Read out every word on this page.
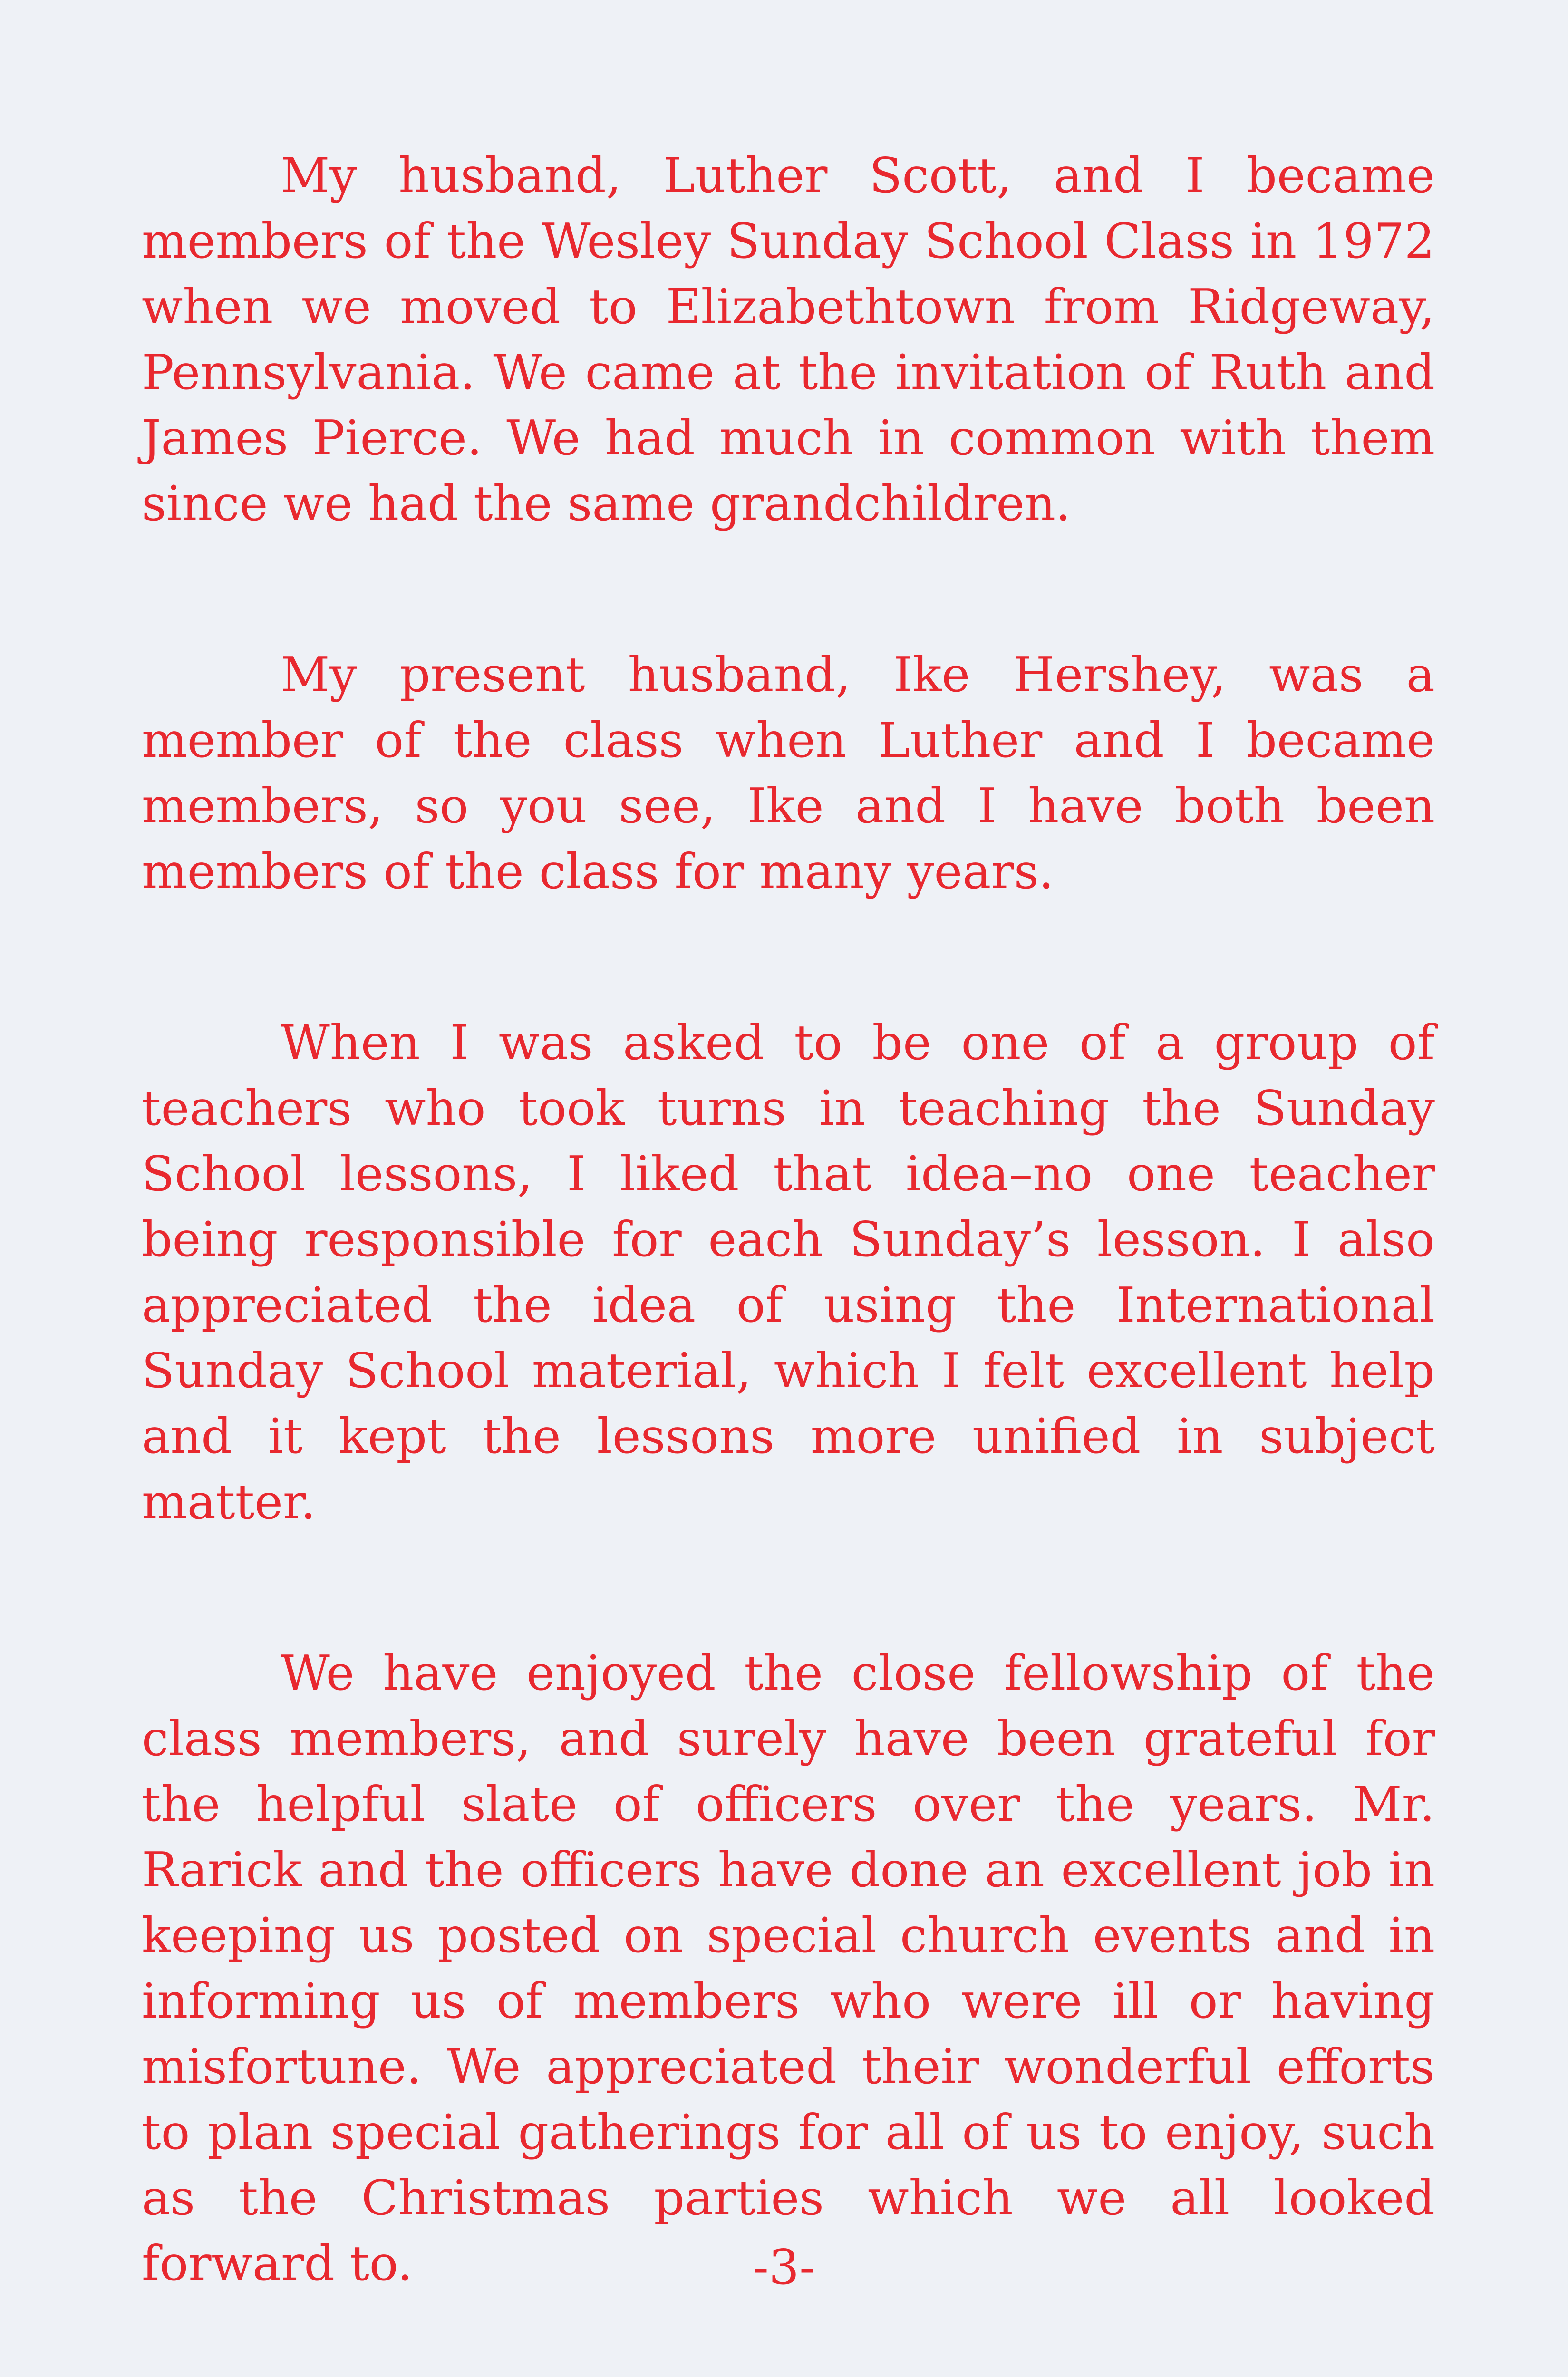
My husband, Luther Scott, and I became members of the Wesley Sunday School Class in 1972 when we moved to Elizabethtown from Ridgeway, Pennsylvania. We came at the invitation of Ruth and James Pierce. We had much in common with them since we had the same grandchildren.

My present husband, Ike Hershey, was a member of the class when Luther and I became members, so you see, Ike and I have both been members of the class for many years.

When I was asked to be one of a group of teachers who took turns in teaching the Sunday School lessons, I liked that idea–no one teacher being responsible for each Sunday’s lesson. I also appreciated the idea of using the International Sunday School material, which I felt excellent help and it kept the lessons more unified in subject matter.

We have enjoyed the close fellowship of the class members, and surely have been grateful for the helpful slate of officers over the years. Mr. Rarick and the officers have done an excellent job in keeping us posted on special church events and in informing us of members who were ill or having misfortune. We appreciated their wonderful efforts to plan special gatherings for all of us to enjoy, such as the Christmas parties which we all looked forward to.	-3-
